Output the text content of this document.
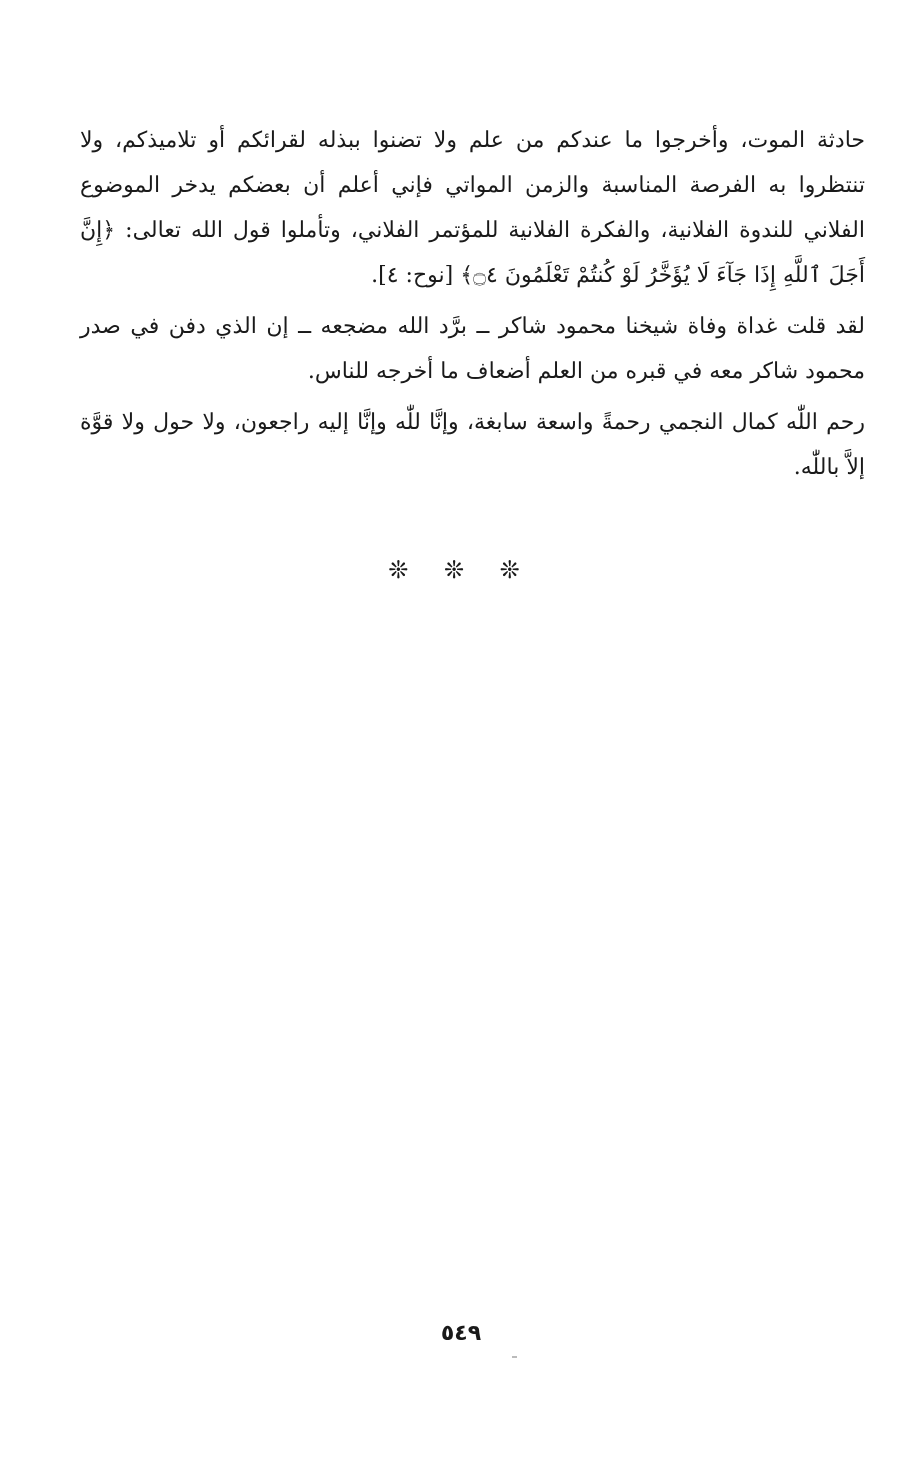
حادثة الموت، وأخرجوا ما عندكم من علم ولا تضنوا ببذله لقرائكم أو تلاميذكم، ولا تنتظروا به الفرصة المناسبة والزمن المواتي فإني أعلم أن بعضكم يدخر الموضوع الفلاني للندوة الفلانية، والفكرة الفلانية للمؤتمر الفلاني، وتأملوا قول الله تعالى: ﴿إِنَّ أَجَلَ ٱللَّهِ إِذَا جَآءَ لَا يُؤَخَّرُ لَوْ كُنتُمْ تَعْلَمُونَ ۝٤﴾ [نوح: ٤].

لقد قلت غداة وفاة شيخنا محمود شاكر ــ برَّد الله مضجعه ــ إن الذي دفن في صدر محمود شاكر معه في قبره من العلم أضعاف ما أخرجه للناس.

رحم اللّٰه كمال النجمي رحمةً واسعة سابغة، وإنَّا للّٰه وإنَّا إليه راجعون، ولا حول ولا قوَّة إلاَّ باللّٰه.

❊ ❊ ❊
٥٤٩
